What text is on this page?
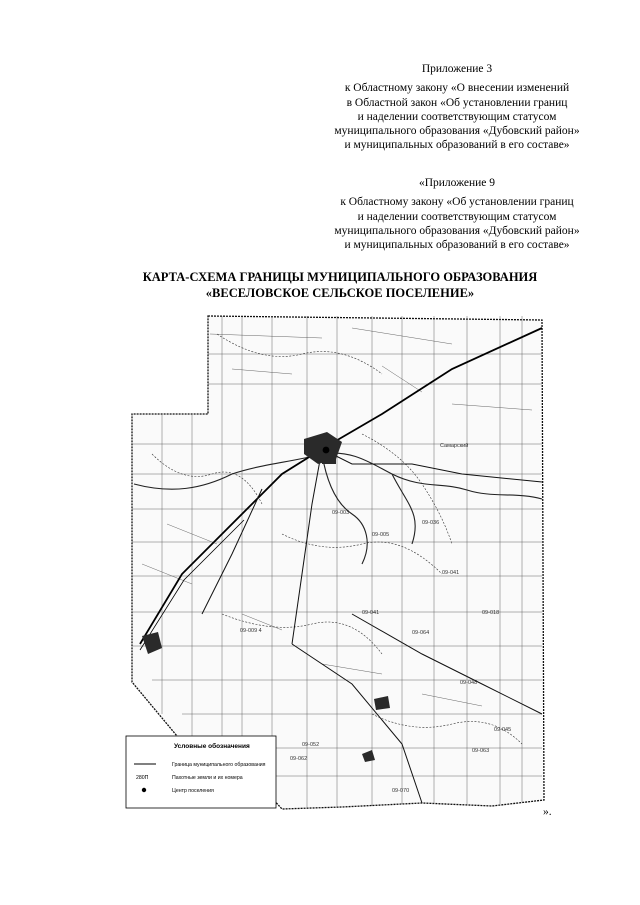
Приложение 3
к Областному закону «О внесении изменений
в Областной закон «Об установлении границ
и наделении соответствующим статусом
муниципального образования «Дубовский район»
и муниципальных образований в его составе»
«Приложение 9
к Областному закону «Об установлении границ
и наделении соответствующим статусом
муниципального образования «Дубовский район»
и муниципальных образований в его составе»
КАРТА-СХЕМА ГРАНИЦЫ МУНИЦИПАЛЬНОГО ОБРАЗОВАНИЯ
«ВЕСЕЛОВСКОЕ СЕЛЬСКОЕ ПОСЕЛЕНИЕ»
Самарский
09-003
09-005
09-036
09-041
09-009 4	09-064
09-041	09-018
09-052
09-062
09-063
09-045
09-048
09-070
Условные обозначения
Граница муниципального образования
280П	Пахотные земли и их номера
Центр поселения
».
